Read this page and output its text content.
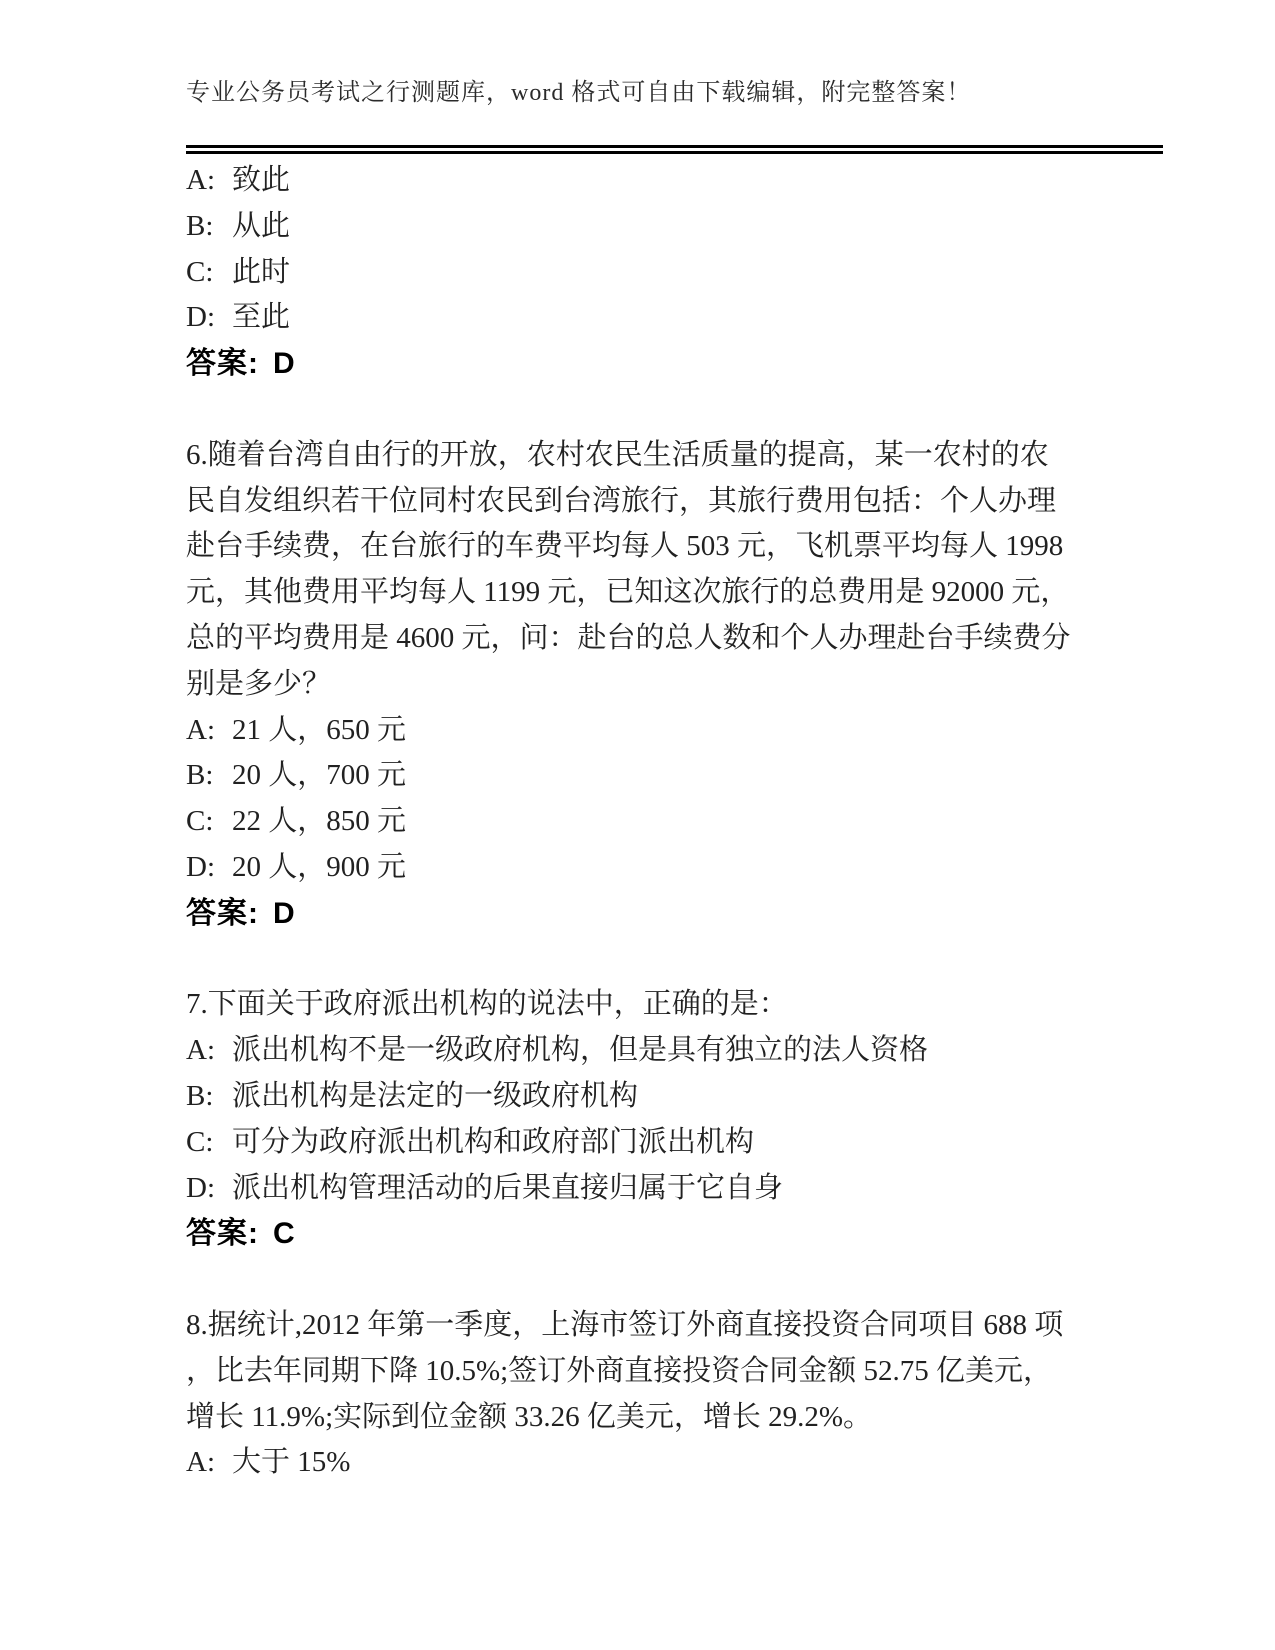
专业公务员考试之行测题库，word 格式可自由下载编辑，附完整答案！
A: 致此
B: 从此
C: 此时
D: 至此
答案: D
6.随着台湾自由行的开放，农村农民生活质量的提高，某一农村的农
民自发组织若干位同村农民到台湾旅行，其旅行费用包括：个人办理
赴台手续费，在台旅行的车费平均每人 503 元，飞机票平均每人 1998
元，其他费用平均每人 1199 元，已知这次旅行的总费用是 92000 元，
总的平均费用是 4600 元，问：赴台的总人数和个人办理赴台手续费分
别是多少？
A: 21 人，650 元
B: 20 人，700 元
C: 22 人，850 元
D: 20 人，900 元
答案: D
7.下面关于政府派出机构的说法中，正确的是：
A: 派出机构不是一级政府机构，但是具有独立的法人资格
B: 派出机构是法定的一级政府机构
C: 可分为政府派出机构和政府部门派出机构
D: 派出机构管理活动的后果直接归属于它自身
答案: C
8.据统计,2012 年第一季度，上海市签订外商直接投资合同项目 688 项
，比去年同期下降 10.5%;签订外商直接投资合同金额 52.75 亿美元，
增长 11.9%;实际到位金额 33.26 亿美元，增长 29.2%。
A: 大于 15%
